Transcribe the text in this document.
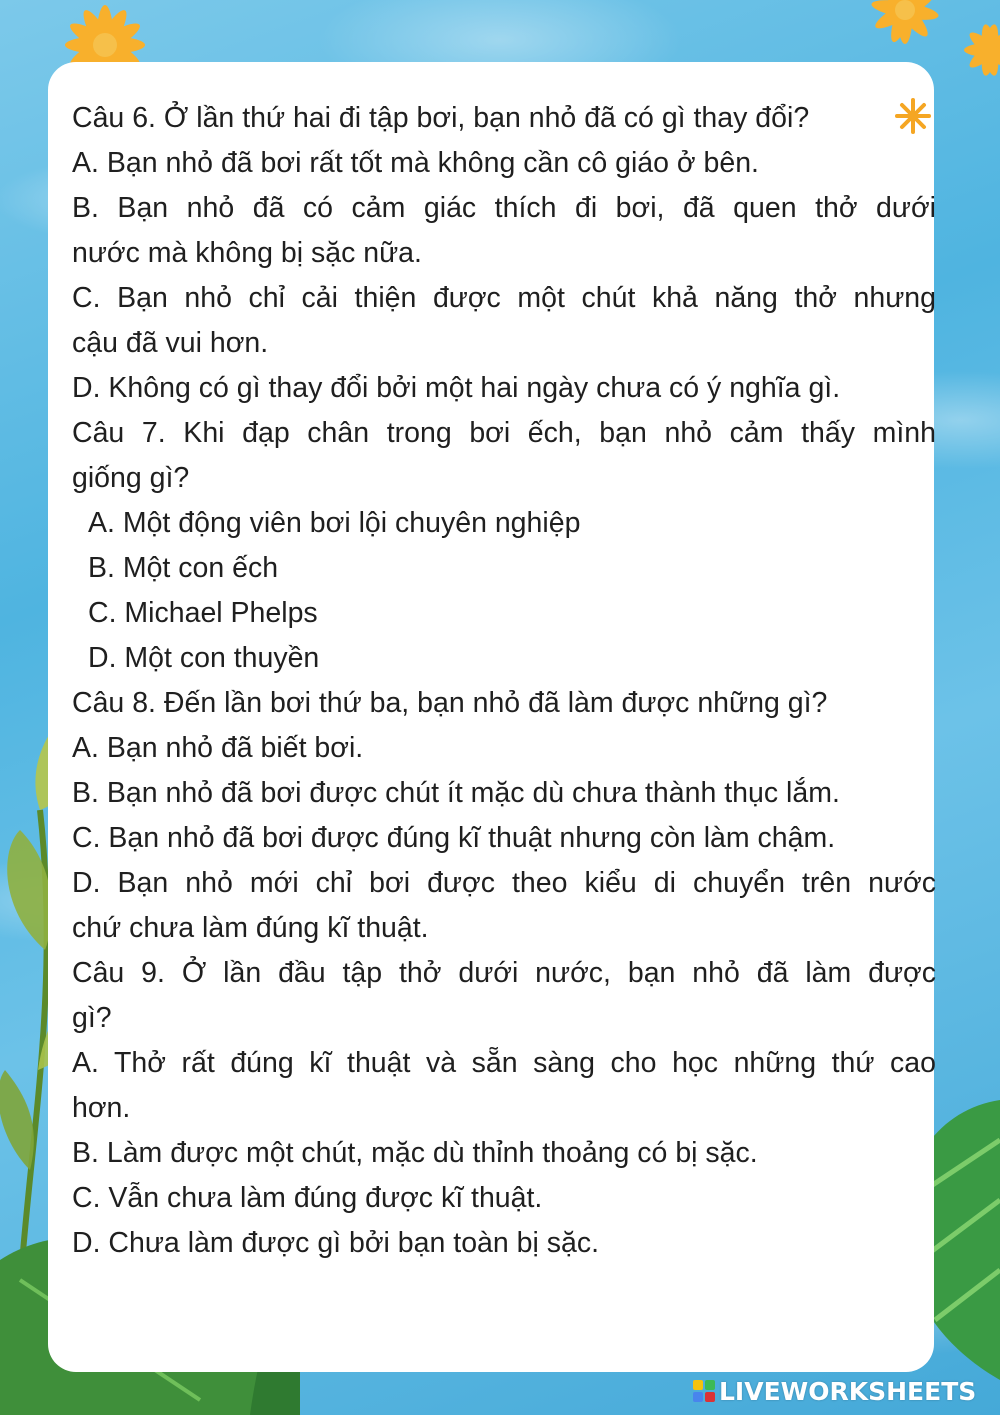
Câu 6. Ở lần thứ hai đi tập bơi, bạn nhỏ đã có gì thay đổi?
A. Bạn nhỏ đã bơi rất tốt mà không cần cô giáo ở bên.
B. Bạn nhỏ đã có cảm giác thích đi bơi, đã quen thở dưới
nước mà không bị sặc nữa.
C. Bạn nhỏ chỉ cải thiện được một chút khả năng thở nhưng
cậu đã vui hơn.
D. Không có gì thay đổi bởi một hai ngày chưa có ý nghĩa gì.
Câu 7. Khi đạp chân trong bơi ếch, bạn nhỏ cảm thấy mình
giống gì?
A. Một động viên bơi lội chuyên nghiệp
B. Một con ếch
C. Michael Phelps
D. Một con thuyền
Câu 8. Đến lần bơi thứ ba, bạn nhỏ đã làm được những gì?
A. Bạn nhỏ đã biết bơi.
B. Bạn nhỏ đã bơi được chút ít mặc dù chưa thành thục lắm.
C. Bạn nhỏ đã bơi được đúng kĩ thuật nhưng còn làm chậm.
D. Bạn nhỏ mới chỉ bơi được theo kiểu di chuyển trên nước
chứ chưa làm đúng kĩ thuật.
Câu 9. Ở lần đầu tập thở dưới nước, bạn nhỏ đã làm được
gì?
A. Thở rất đúng kĩ thuật và sẵn sàng cho học những thứ cao
hơn.
B. Làm được một chút, mặc dù thỉnh thoảng có bị sặc.
C. Vẫn chưa làm đúng được kĩ thuật.
D. Chưa làm được gì bởi bạn toàn bị sặc.
LIVEWORKSHEETS
